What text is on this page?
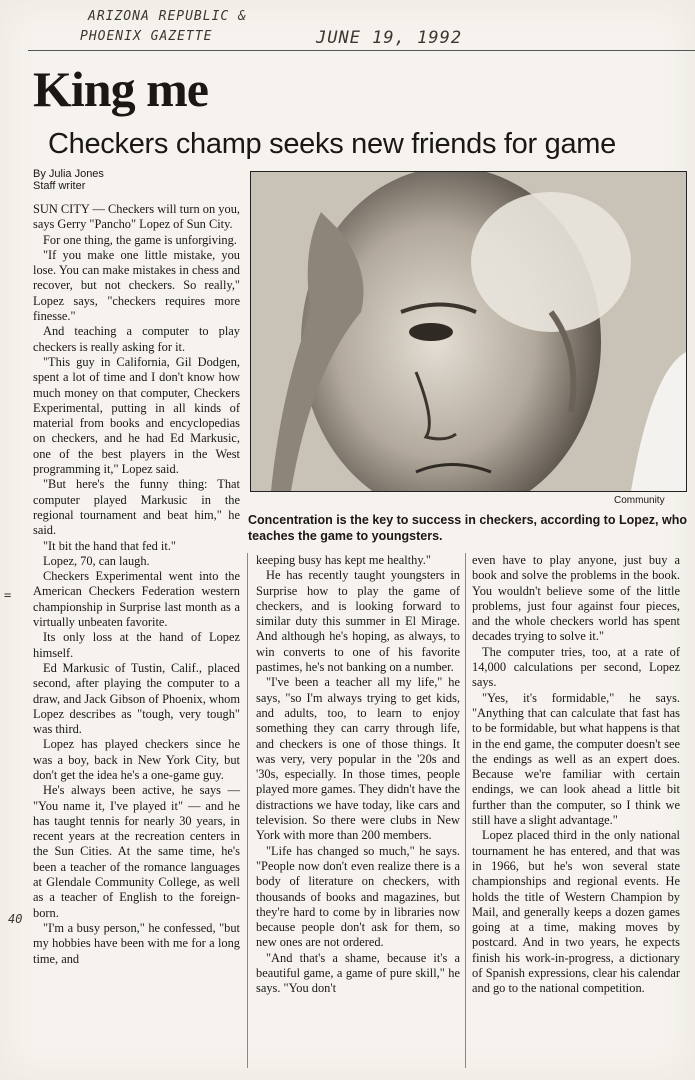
ARIZONA REPUBLIC &
PHOENIX GAZETTE	JUNE 19, 1992
King me
Checkers champ seeks new friends for game
By Julia Jones
Staff writer
Community
Concentration is the key to success in checkers, according to Lopez, who teaches the game to youngsters.

SUN CITY — Checkers will turn on you, says Gerry "Pancho" Lopez of Sun City.

For one thing, the game is unforgiving.

"If you make one little mistake, you lose. You can make mistakes in chess and recover, but not checkers. So really," Lopez says, "checkers requires more finesse."

And teaching a computer to play checkers is really asking for it.

"This guy in California, Gil Dodgen, spent a lot of time and I don't know how much money on that computer, Checkers Experimental, putting in all kinds of material from books and encyclopedias on checkers, and he had Ed Markusic, one of the best players in the West programming it," Lopez said.

"But here's the funny thing: That computer played Markusic in the regional tournament and beat him," he said.

"It bit the hand that fed it."

Lopez, 70, can laugh.

Checkers Experimental went into the American Checkers Federation western championship in Surprise last month as a virtually unbeaten favorite.

Its only loss at the hand of Lopez himself.

Ed Markusic of Tustin, Calif., placed second, after playing the computer to a draw, and Jack Gibson of Phoenix, whom Lopez describes as "tough, very tough" was third.

Lopez has played checkers since he was a boy, back in New York City, but don't get the idea he's a one-game guy.

He's always been active, he says — "You name it, I've played it" — and he has taught tennis for nearly 30 years, in recent years at the recreation centers in the Sun Cities. At the same time, he's been a teacher of the romance languages at Glendale Community College, as well as a teacher of English to the foreign-born.

"I'm a busy person," he confessed, "but my hobbies have been with me for a long time, and

keeping busy has kept me healthy."

He has recently taught youngsters in Surprise how to play the game of checkers, and is looking forward to similar duty this summer in El Mirage. And although he's hoping, as always, to win converts to one of his favorite pastimes, he's not banking on a number.

"I've been a teacher all my life," he says, "so I'm always trying to get kids, and adults, too, to learn to enjoy something they can carry through life, and checkers is one of those things. It was very, very popular in the '20s and '30s, especially. In those times, people played more games. They didn't have the distractions we have today, like cars and television. So there were clubs in New York with more than 200 members.

"Life has changed so much," he says. "People now don't even realize there is a body of literature on checkers, with thousands of books and magazines, but they're hard to come by in libraries now because people don't ask for them, so new ones are not ordered.

"And that's a shame, because it's a beautiful game, a game of pure skill," he says. "You don't

even have to play anyone, just buy a book and solve the problems in the book. You wouldn't believe some of the little problems, just four against four pieces, and the whole checkers world has spent decades trying to solve it."

The computer tries, too, at a rate of 14,000 calculations per second, Lopez says.

"Yes, it's formidable," he says. "Anything that can calculate that fast has to be formidable, but what happens is that in the end game, the computer doesn't see the endings as well as an expert does. Because we're familiar with certain endings, we can look ahead a little bit further than the computer, so I think we still have a slight advantage."

Lopez placed third in the only national tournament he has entered, and that was in 1966, but he's won several state championships and regional events. He holds the title of Western Champion by Mail, and generally keeps a dozen games going at a time, making moves by postcard. And in two years, he expects finish his work-in-progress, a dictionary of Spanish expressions, clear his calendar and go to the national competition.

=
40
